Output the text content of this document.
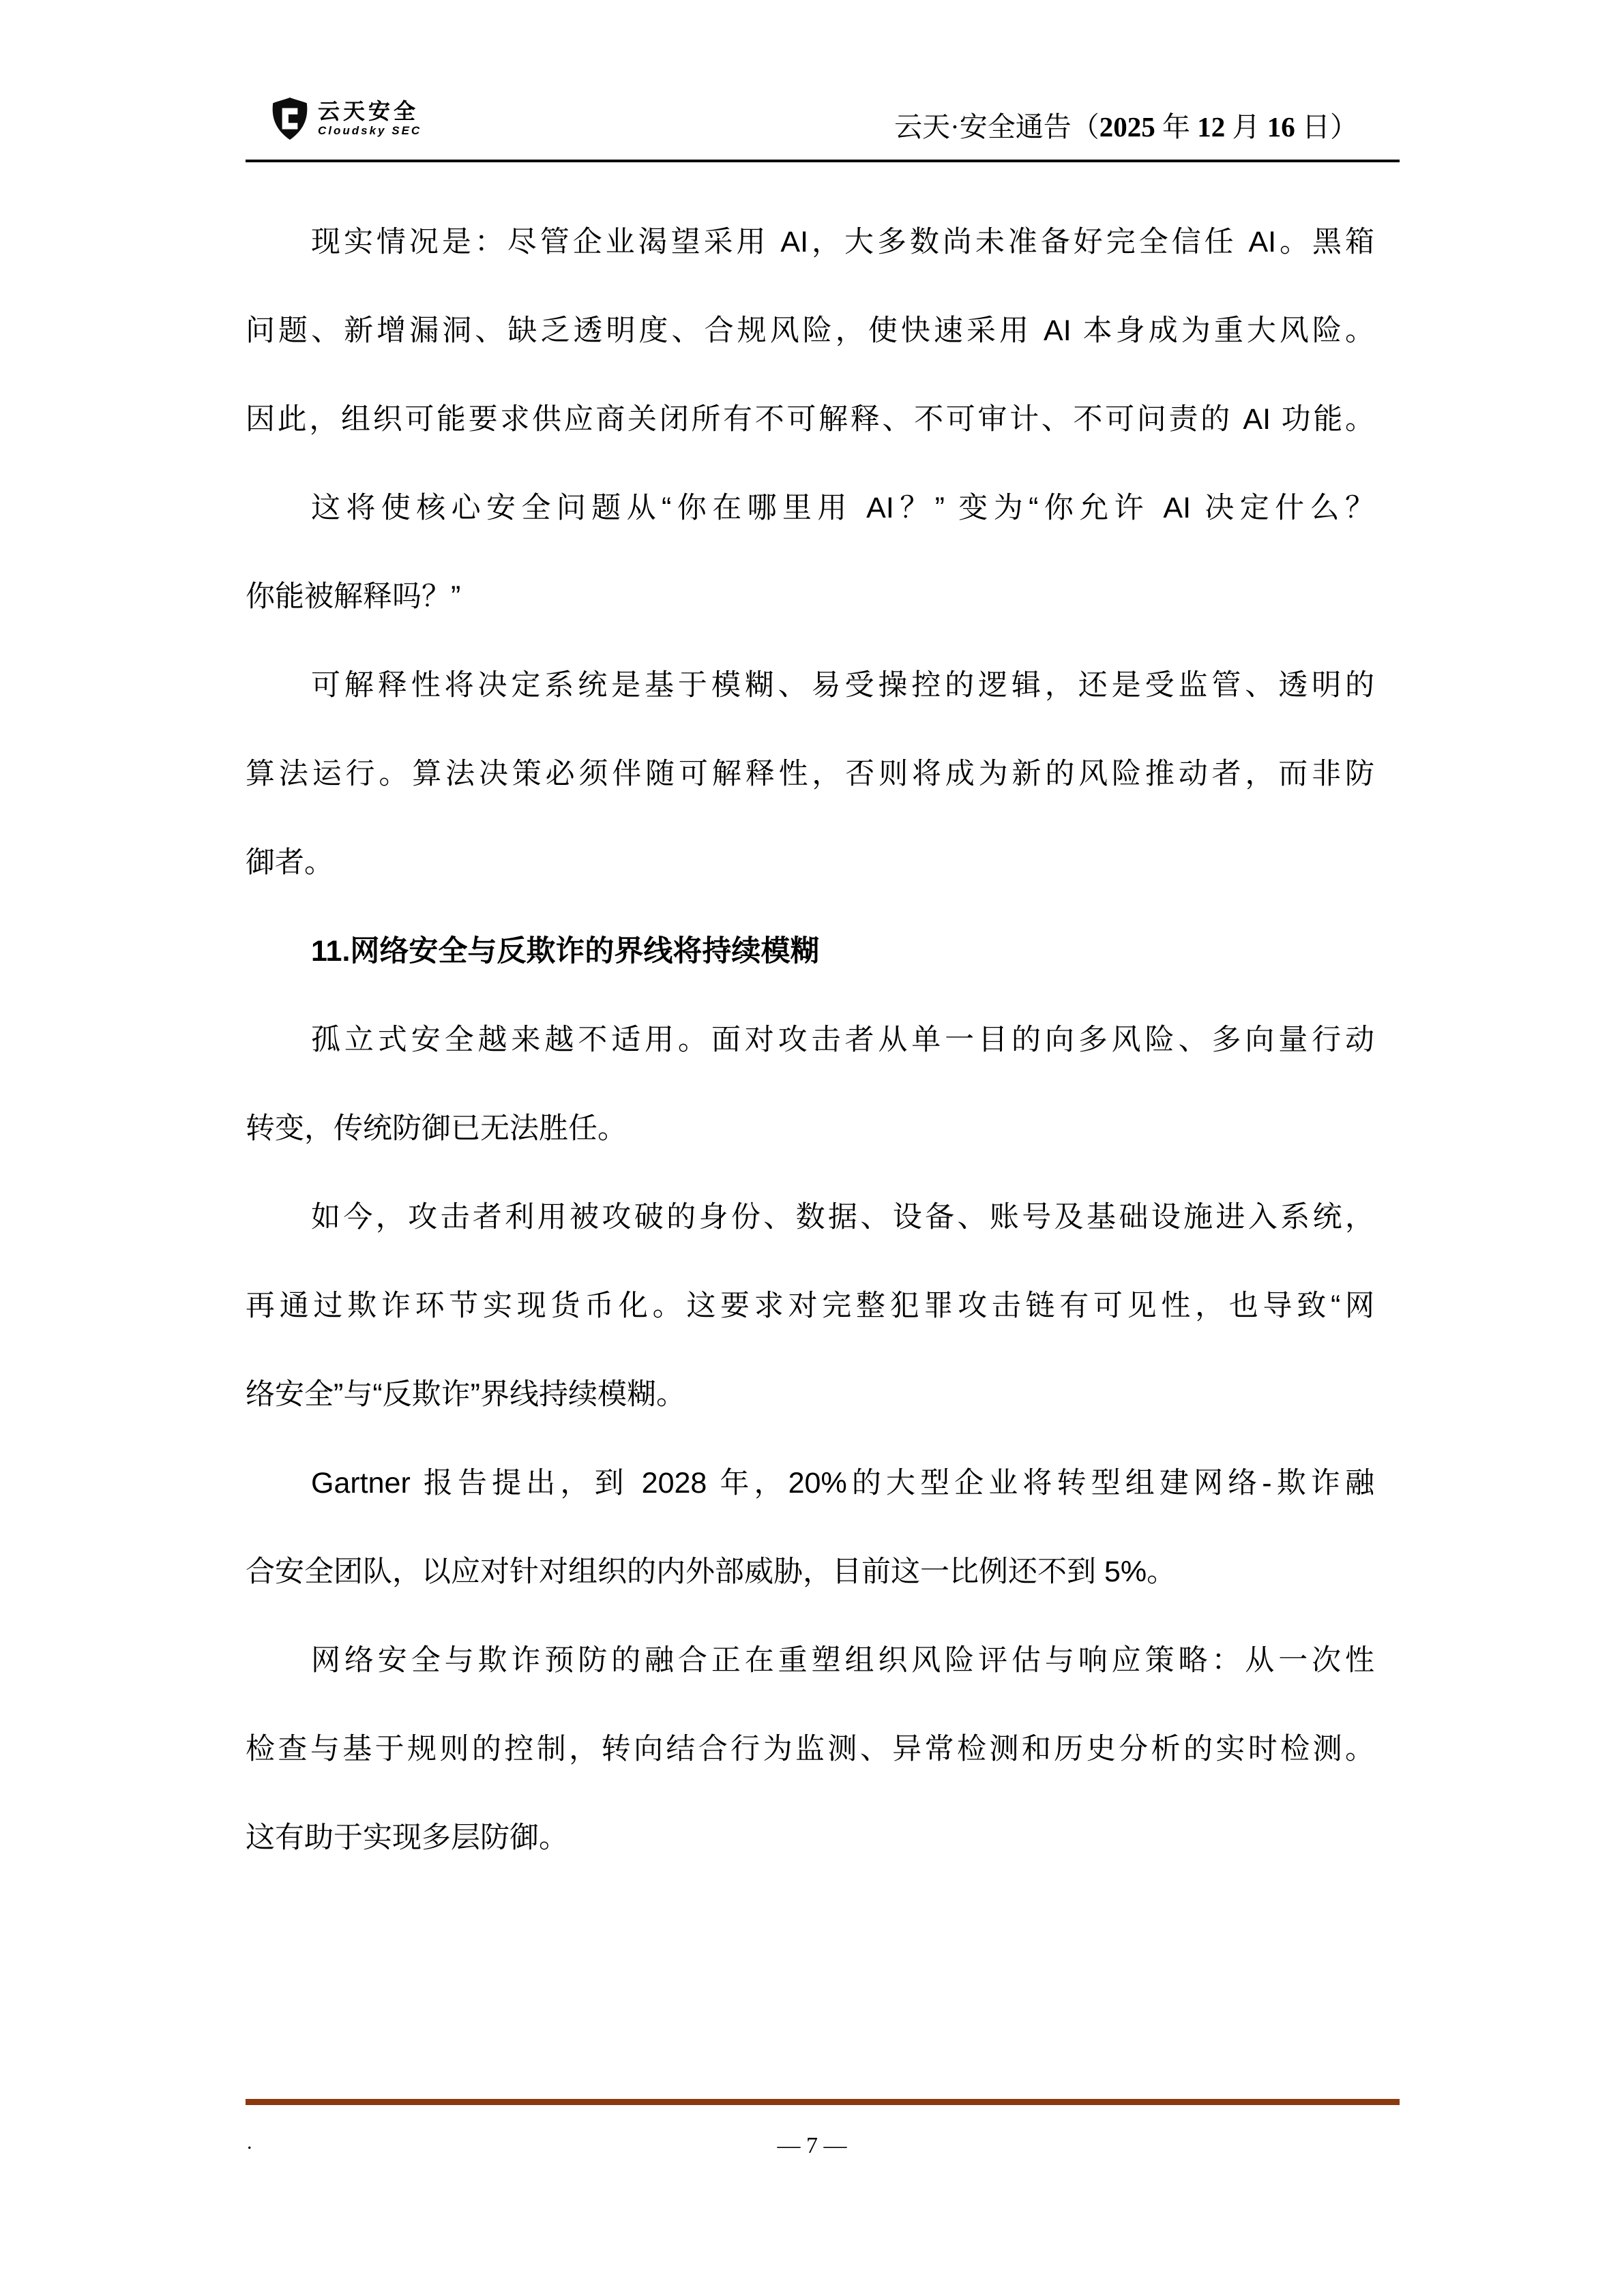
云天安全
Cloudsky SEC	云天·安全通告（2025 年 12 月 16 日）
现实情况是：尽管企业渴望采用 AI，大多数尚未准备好完全信任 AI。黑箱
问题、新增漏洞、缺乏透明度、合规风险，使快速采用 AI 本身成为重大风险。
因此，组织可能要求供应商关闭所有不可解释、不可审计、不可问责的 AI 功能。
这将使核心安全问题从“你在哪里用 AI？” 变为“你允许 AI 决定什么？
你能被解释吗？”
可解释性将决定系统是基于模糊、易受操控的逻辑，还是受监管、透明的
算法运行。算法决策必须伴随可解释性，否则将成为新的风险推动者，而非防
御者。
11.网络安全与反欺诈的界线将持续模糊
孤立式安全越来越不适用。面对攻击者从单一目的向多风险、多向量行动
转变，传统防御已无法胜任。
如今，攻击者利用被攻破的身份、数据、设备、账号及基础设施进入系统，
再通过欺诈环节实现货币化。这要求对完整犯罪攻击链有可见性，也导致“网
络安全”与“反欺诈”界线持续模糊。
Gartner 报告提出，到 2028 年，20%的大型企业将转型组建网络-欺诈融
合安全团队，以应对针对组织的内外部威胁，目前这一比例还不到 5%。
网络安全与欺诈预防的融合正在重塑组织风险评估与响应策略：从一次性
检查与基于规则的控制，转向结合行为监测、异常检测和历史分析的实时检测。
这有助于实现多层防御。
.	— 7 —
